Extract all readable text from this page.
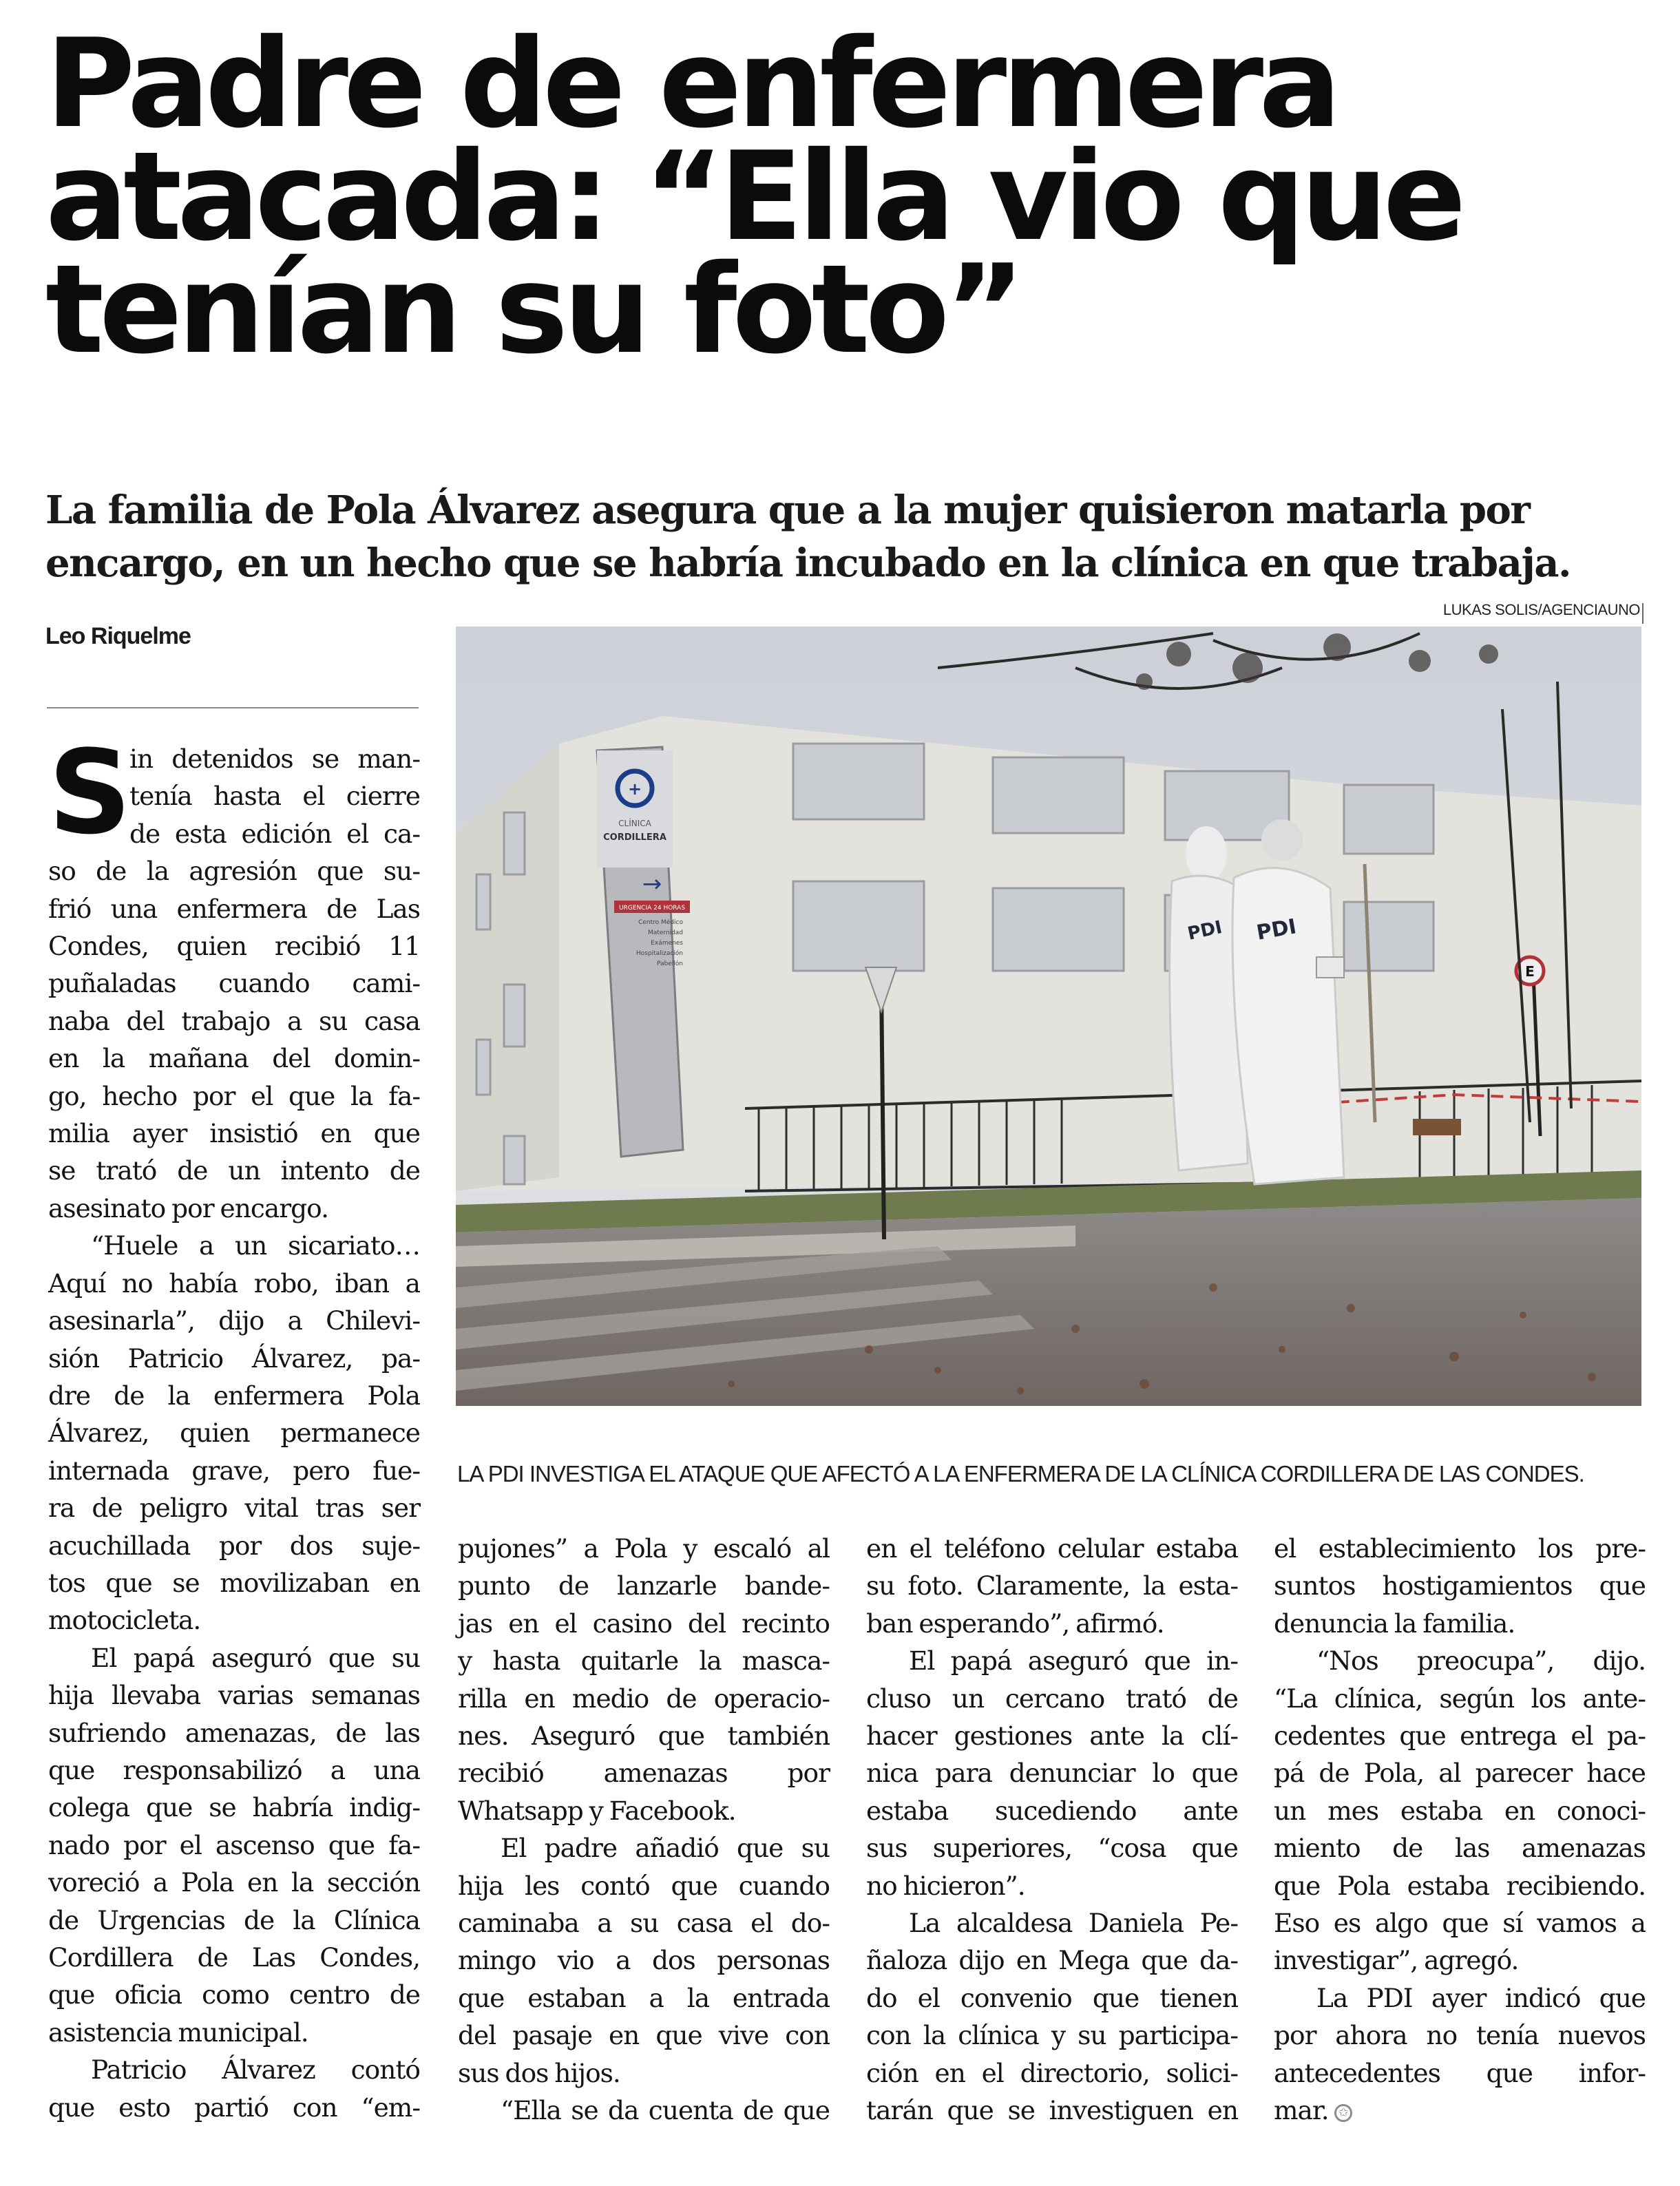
Padre de enfermera
atacada: “Ella vio que
tenían su foto”
La familia de Pola Álvarez asegura que a la mujer quisieron matarla por
encargo, en un hecho que se habría incubado en la clínica en que trabaja.
Leo Riquelme
LUKAS SOLIS/AGENCIAUNO
+
CLÍNICA
CORDILLERA
→
URGENCIA 24 HORAS
Centro Médico
Maternidad
Exámenes
Hospitalización
Pabellón	E
PDI PDI
LA PDI INVESTIGA EL ATAQUE QUE AFECTÓ A LA ENFERMERA DE LA CLÍNICA CORDILLERA DE LAS CONDES.
S
in detenidos se man-
tenía hasta el cierre
de esta edición el ca-
so de la agresión que su-
frió una enfermera de Las
Condes, quien recibió 11
puñaladas cuando cami-
naba del trabajo a su casa
en la mañana del domin-
go, hecho por el que la fa-
milia ayer insistió en que
se trató de un intento de
asesinato por encargo.
“Huele a un sicariato…
Aquí no había robo, iban a
asesinarla”, dijo a Chilevi-
sión Patricio Álvarez, pa-
dre de la enfermera Pola
Álvarez, quien permanece
internada grave, pero fue-
ra de peligro vital tras ser
acuchillada por dos suje-
tos que se movilizaban en
motocicleta.
El papá aseguró que su
hija llevaba varias semanas
sufriendo amenazas, de las
que responsabilizó a una
colega que se habría indig-
nado por el ascenso que fa-
voreció a Pola en la sección
de Urgencias de la Clínica
Cordillera de Las Condes,
que oficia como centro de
asistencia municipal.
Patricio Álvarez contó
que esto partió con “em-
pujones” a Pola y escaló al
punto de lanzarle bande-
jas en el casino del recinto
y hasta quitarle la masca-
rilla en medio de operacio-
nes. Aseguró que también
recibió amenazas por
Whatsapp y Facebook.
El padre añadió que su
hija les contó que cuando
caminaba a su casa el do-
mingo vio a dos personas
que estaban a la entrada
del pasaje en que vive con
sus dos hijos.
“Ella se da cuenta de que
en el teléfono celular estaba
su foto. Claramente, la esta-
ban esperando”, afirmó.
El papá aseguró que in-
cluso un cercano trató de
hacer gestiones ante la clí-
nica para denunciar lo que
estaba sucediendo ante
sus superiores, “cosa que
no hicieron”.
La alcaldesa Daniela Pe-
ñaloza dijo en Mega que da-
do el convenio que tienen
con la clínica y su participa-
ción en el directorio, solici-
tarán que se investiguen en
el establecimiento los pre-
suntos hostigamientos que
denuncia la familia.
“Nos preocupa”, dijo.
“La clínica, según los ante-
cedentes que entrega el pa-
pá de Pola, al parecer hace
un mes estaba en conoci-
miento de las amenazas
que Pola estaba recibiendo.
Eso es algo que sí vamos a
investigar”, agregó.
La PDI ayer indicó que
por ahora no tenía nuevos
antecedentes que infor-
mar. ✩
